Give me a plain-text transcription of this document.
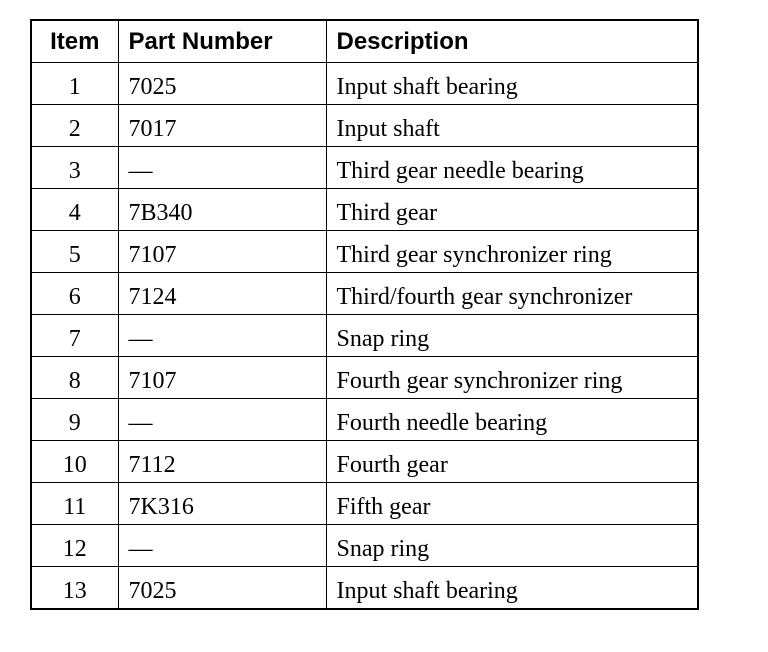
Item	Part Number	Description
1	7025	Input shaft bearing
2	7017	Input shaft
3	—	Third gear needle bearing
4	7B340	Third gear
5	7107	Third gear synchronizer ring
6	7124	Third/fourth gear synchronizer
7	—	Snap ring
8	7107	Fourth gear synchronizer ring
9	—	Fourth needle bearing
10	7112	Fourth gear
11	7K316	Fifth gear
12	—	Snap ring
13	7025	Input shaft bearing
